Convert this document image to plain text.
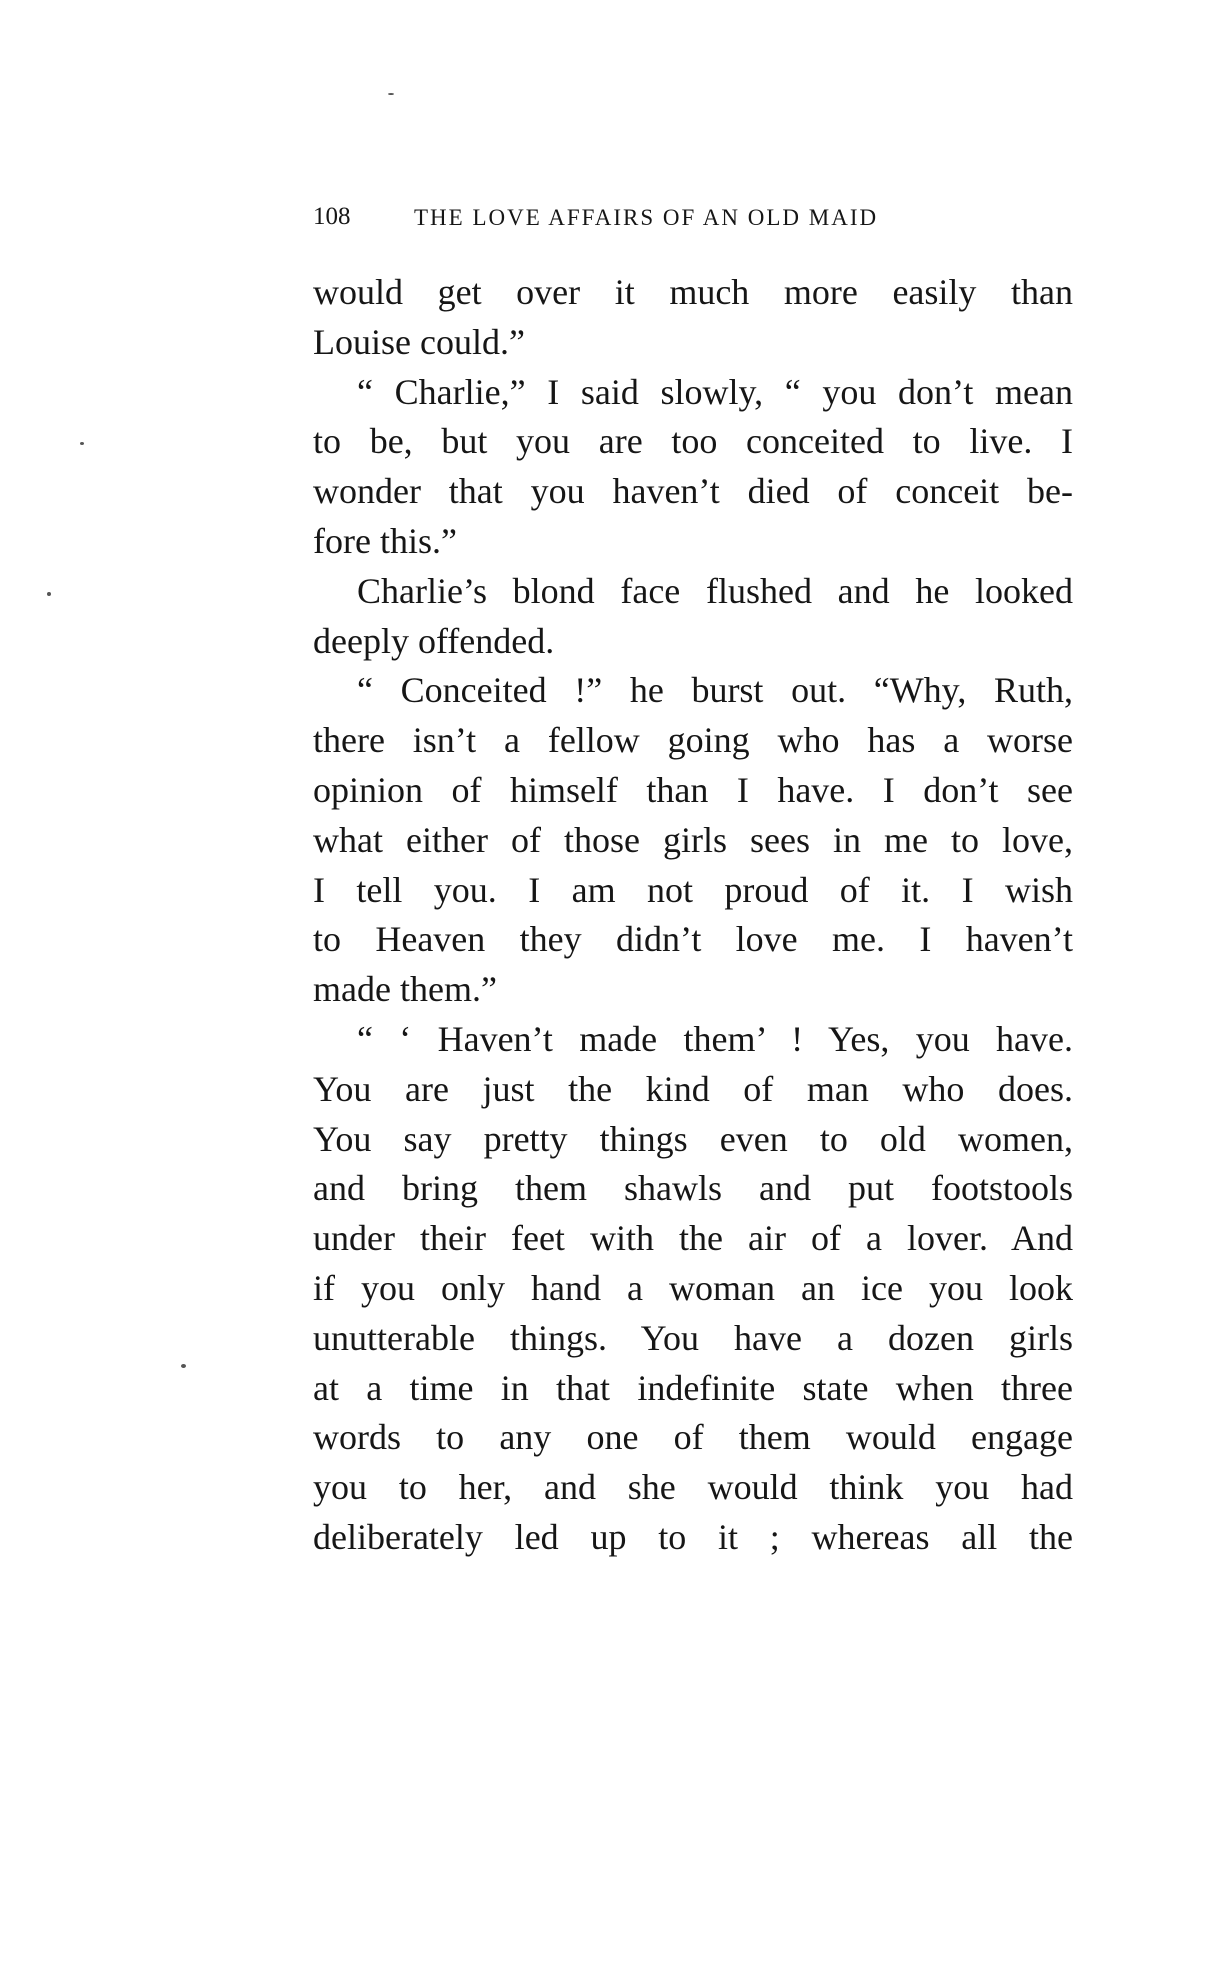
108	THE LOVE AFFAIRS OF AN OLD MAID
would get over it much more easily than
Louise could.”
“ Charlie,” I said slowly, “ you don’t mean
to be, but you are too conceited to live. I
wonder that you haven’t died of conceit be-
fore this.”
Charlie’s blond face flushed and he looked
deeply offended.
“ Conceited !” he burst out. “Why, Ruth,
there isn’t a fellow going who has a worse
opinion of himself than I have. I don’t see
what either of those girls sees in me to love,
I tell you. I am not proud of it. I wish
to Heaven they didn’t love me. I haven’t
made them.”
“ ‘ Haven’t made them’ ! Yes, you have.
You are just the kind of man who does.
You say pretty things even to old women,
and bring them shawls and put footstools
under their feet with the air of a lover. And
if you only hand a woman an ice you look
unutterable things. You have a dozen girls
at a time in that indefinite state when three
words to any one of them would engage
you to her, and she would think you had
deliberately led up to it ; whereas all the
